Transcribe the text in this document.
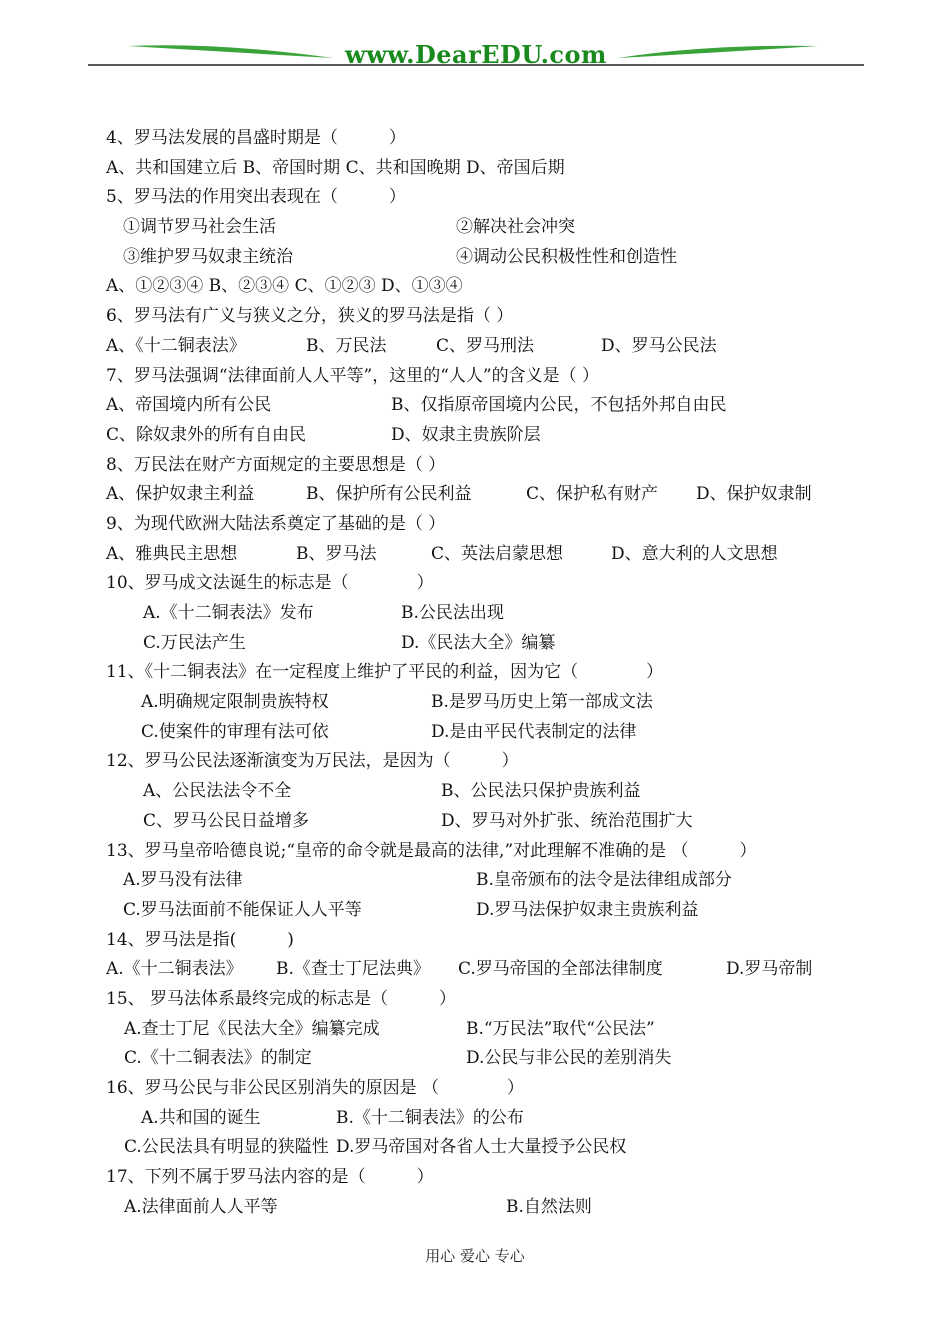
www.DearEDU.com
4、罗马法发展的昌盛时期是（　　　）
A、共和国建立后 B、帝国时期 C、共和国晚期 D、帝国后期
5、罗马法的作用突出表现在（　　　）
　①调节罗马社会生活	②解决社会冲突
　③维护罗马奴隶主统治	④调动公民积极性性和创造性
A、①②③④ B、②③④ C、①②③ D、①③④
6、罗马法有广义与狭义之分，狭义的罗马法是指（ ）
A、《十二铜表法》	B、万民法	C、罗马刑法	D、罗马公民法
7、罗马法强调“法律面前人人平等”，这里的“人人”的含义是（ ）
A、帝国境内所有公民	B、仅指原帝国境内公民，不包括外邦自由民
C、除奴隶外的所有自由民	D、奴隶主贵族阶层
8、万民法在财产方面规定的主要思想是（ ）
A、保护奴隶主利益	B、保护所有公民利益	C、保护私有财产 D、保护奴隶制
9、为现代欧洲大陆法系奠定了基础的是（ ）
A、雅典民主思想	B、罗马法	C、英法启蒙思想	D、意大利的人文思想
10、罗马成文法诞生的标志是（　　　　）
　A.《十二铜表法》发布	B.公民法出现
　C.万民法产生	D.《民法大全》编纂
11、《十二铜表法》在一定程度上维护了平民的利益，因为它（　　　　）
　A.明确规定限制贵族特权	B.是罗马历史上第一部成文法
　C.使案件的审理有法可依	D.是由平民代表制定的法律
12、罗马公民法逐渐演变为万民法，是因为（　　　）
　A、公民法法令不全	B、公民法只保护贵族利益
　C、罗马公民日益增多	D、罗马对外扩张、统治范围扩大
13、罗马皇帝哈德良说;“皇帝的命令就是最高的法律,”对此理解不准确的是 （　　　）
　A.罗马没有法律	B.皇帝颁布的法令是法律组成部分
　C.罗马法面前不能保证人人平等	D.罗马法保护奴隶主贵族利益
14、罗马法是指(　　　)
A.《十二铜表法》 B.《查士丁尼法典》 C.罗马帝国的全部法律制度	D.罗马帝制
15、 罗马法体系最终完成的标志是（　　　）
A.查士丁尼《民法大全》编纂完成	B.“万民法”取代“公民法”
C.《十二铜表法》的制定	D.公民与非公民的差别消失
16、罗马公民与非公民区别消失的原因是 （　　　　）
　A.共和国的诞生	B.《十二铜表法》的公布
C.公民法具有明显的狭隘性 D.罗马帝国对各省人士大量授予公民权
17、下列不属于罗马法内容的是（　　　）
A.法律面前人人平等	B.自然法则
用心 爱心 专心
